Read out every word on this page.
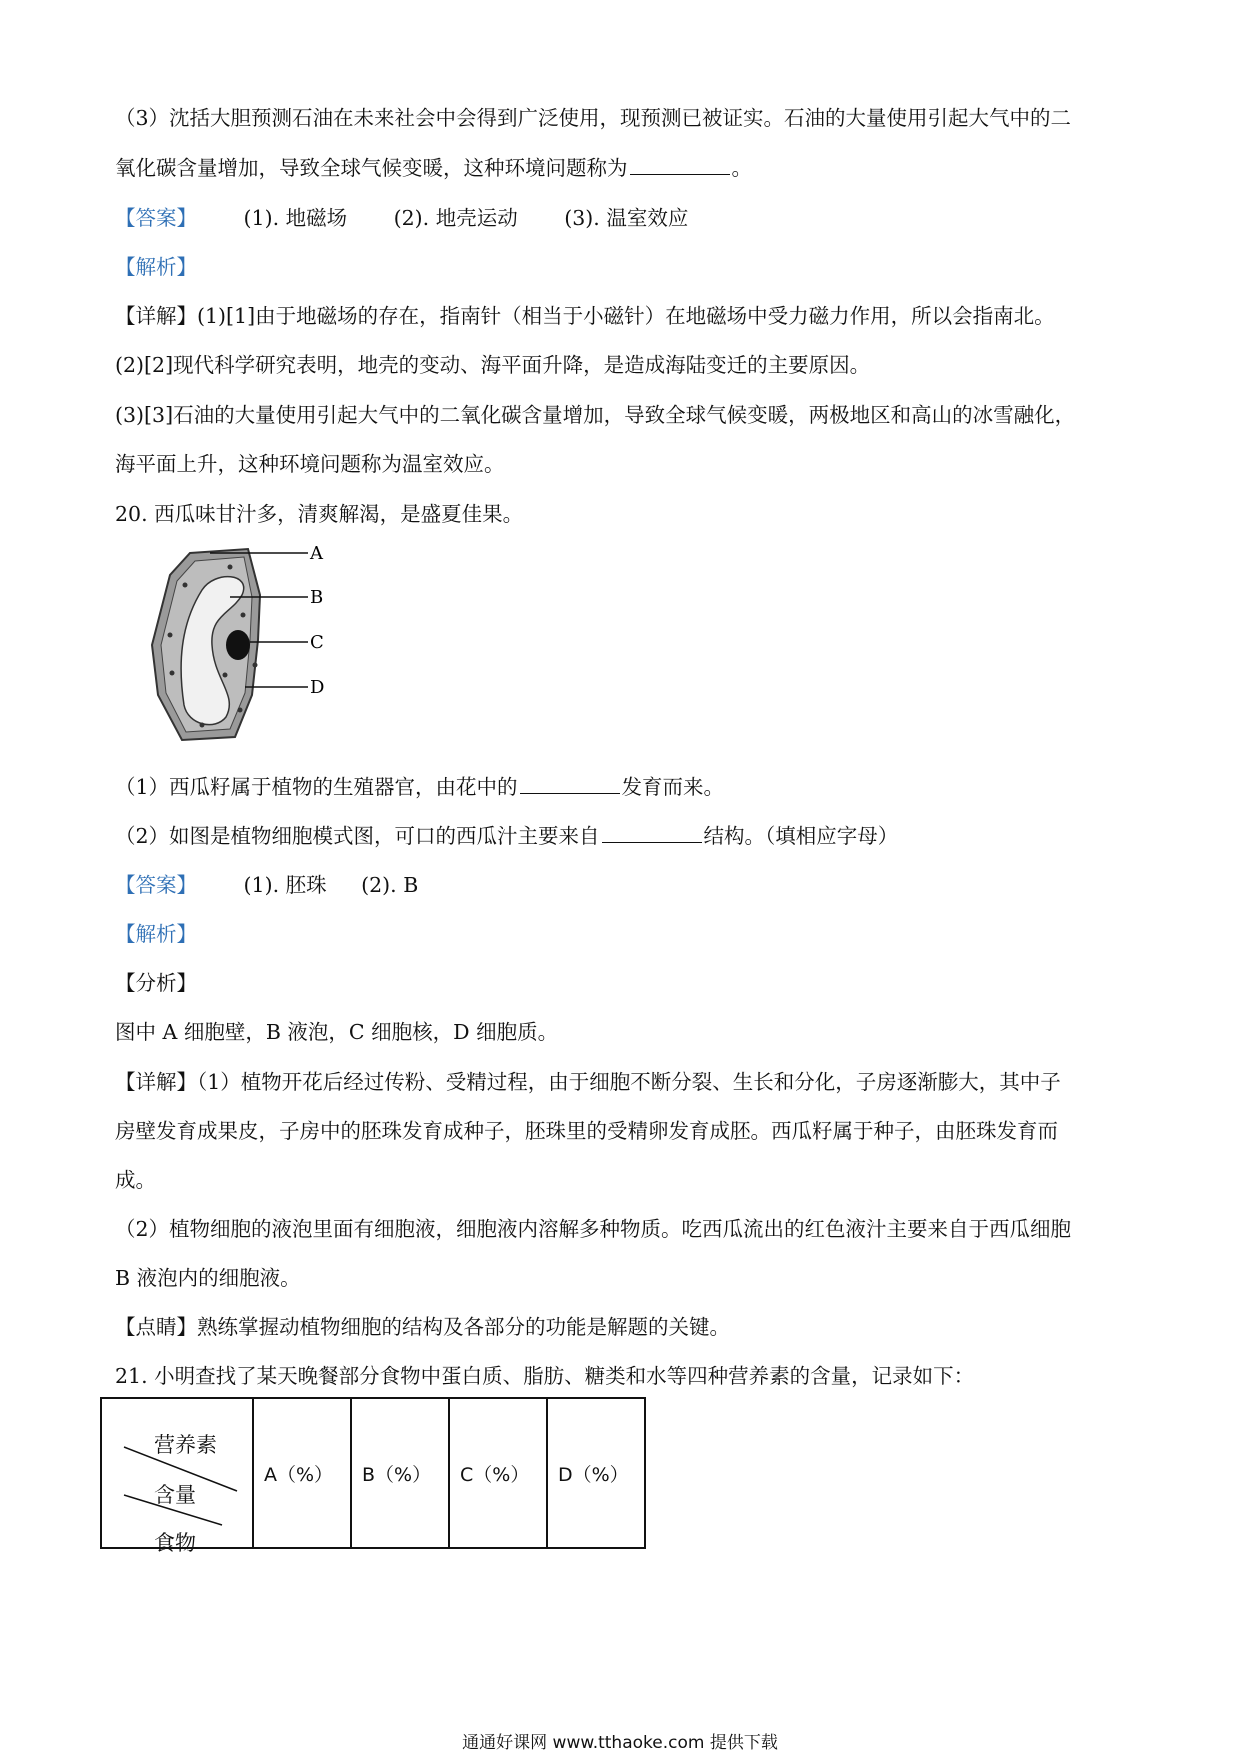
（3）沈括大胆预测石油在未来社会中会得到广泛使用，现预测已被证实。石油的大量使用引起大气中的二
氧化碳含量增加，导致全球气候变暖，这种环境问题称为	。
【答案】 (1). 地磁场 (2). 地壳运动 (3). 温室效应
【解析】
【详解】(1)[1]由于地磁场的存在，指南针（相当于小磁针）在地磁场中受力磁力作用，所以会指南北。
(2)[2]现代科学研究表明，地壳的变动、海平面升降，是造成海陆变迁的主要原因。
(3)[3]石油的大量使用引起大气中的二氧化碳含量增加，导致全球气候变暖，两极地区和高山的冰雪融化，
海平面上升，这种环境问题称为温室效应。
20. 西瓜味甘汁多，清爽解渴，是盛夏佳果。
A
B
C
D
（1）西瓜籽属于植物的生殖器官，由花中的	发育而来。
（2）如图是植物细胞模式图，可口的西瓜汁主要来自	结构。（填相应字母）
【答案】 (1). 胚珠 (2). B
【解析】
【分析】
图中 A 细胞壁，B 液泡，C 细胞核，D 细胞质。
【详解】（1）植物开花后经过传粉、受精过程，由于细胞不断分裂、生长和分化，子房逐渐膨大，其中子
房壁发育成果皮，子房中的胚珠发育成种子，胚珠里的受精卵发育成胚。西瓜籽属于种子，由胚珠发育而
成。
（2）植物细胞的液泡里面有细胞液，细胞液内溶解多种物质。吃西瓜流出的红色液汁主要来自于西瓜细胞
B 液泡内的细胞液。
【点睛】熟练掌握动植物细胞的结构及各部分的功能是解题的关键。
21. 小明查找了某天晚餐部分食物中蛋白质、脂肪、糖类和水等四种营养素的含量，记录如下：
营养素
含量
食物
	A（%）	B（%）	C（%）	D（%）
通通好课网 www.tthaoke.com 提供下载
